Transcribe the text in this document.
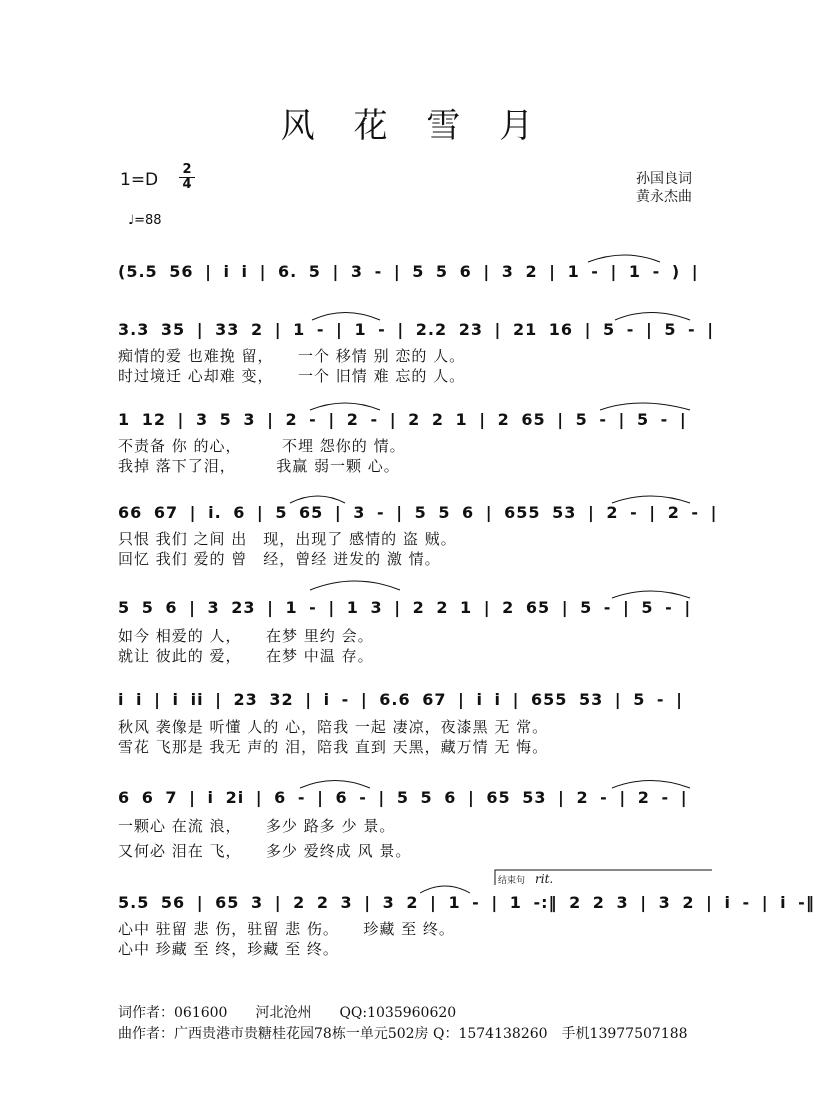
风 花 雪 月
1=D
2
4
♩=88
孙国良词
黄永杰曲
(5.5 56 | i i | 6. 5 | 3 - | 5 5 6 | 3 2 | 1 - | 1 - ) |
3.3 35 | 33 2 | 1 - | 1 - | 2.2 23 | 21 16 | 5 - | 5 - |
痴情的爱 也难挽 留，　　一个 移情 别 恋的 人。
时过境迁 心却难 变，　　一个 旧情 难 忘的 人。
1 12 | 3 5 3 | 2 - | 2 - | 2 2 1 | 2 65 | 5 - | 5 - |
不责备 你 的心，　　　不埋 怨你的 情。
我掉 落下了泪，　　　我赢 弱一颗 心。
66 67 | i. 6 | 5 65 | 3 - | 5 5 6 | 655 53 | 2 - | 2 - |
只恨 我们 之间 出　现，出现了 感情的 盗 贼。
回忆 我们 爱的 曾　经，曾经 迸发的 激 情。
5 5 6 | 3 23 | 1 - | 1 3 | 2 2 1 | 2 65 | 5 - | 5 - |
如今 相爱的 人，　　在梦 里约 会。
就让 彼此的 爱，　　在梦 中温 存。
i i | i ii | 23 32 | i - | 6.6 67 | i i | 655 53 | 5 - |
秋风 袭像是 听懂 人的 心，陪我 一起 凄凉，夜漆黑 无 常。
雪花 飞那是 我无 声的 泪，陪我 直到 天黑，藏万情 无 悔。
6 6 7 | i 2i | 6 - | 6 - | 5 5 6 | 65 53 | 2 - | 2 - |
一颗心 在流 浪，　　多少 路多 少 景。
又何必 泪在 飞，　　多少 爱终成 风 景。
结束句 rit.
5.5 56 | 65 3 | 2 2 3 | 3 2 | 1 - | 1 -:‖ 2 2 3 | 3 2 | i - | i -‖
心中 驻留 悲 伤，驻留 悲 伤。　　珍藏 至 终。
心中 珍藏 至 终，珍藏 至 终。
词作者：061600　　河北沧州　　QQ:1035960620
曲作者：广西贵港市贵糖桂花园78栋一单元502房 Q：1574138260　手机13977507188
